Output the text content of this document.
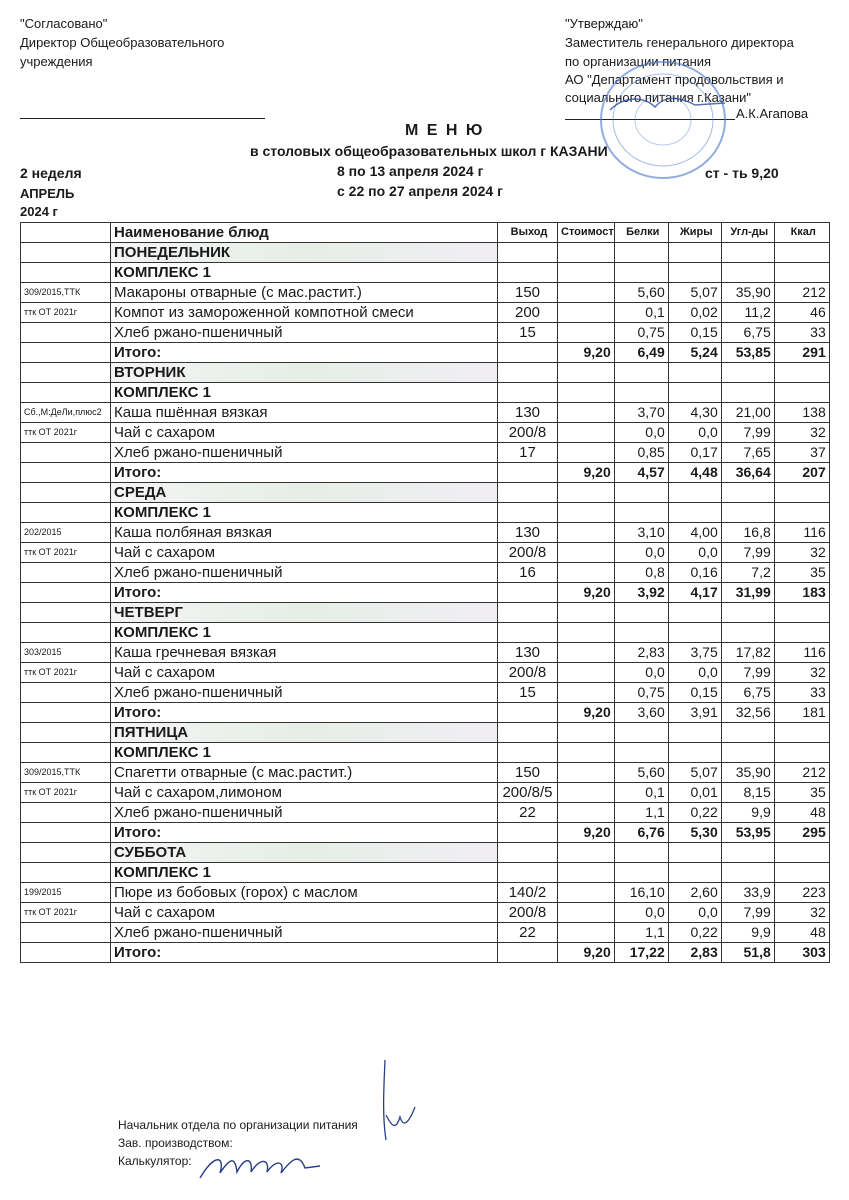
"Согласовано"
Директор Общеобразовательного
учреждения
"Утверждаю"
Заместитель генерального директора
по организации питания
АО "Департамент продовольствия и
социального питания г.Казани"
А.К.Агапова
М Е Н Ю
в столовых общеобразовательных школ г КАЗАНИ
8 по 13 апреля 2024 г
с 22 по 27 апреля 2024 г
2 неделя
АПРЕЛЬ
2024 г
ст - ть 9,20
	Наименование блюд	Выход	Стоимост	Белки	Жиры	Угл-ды	Ккал
	ПОНЕДЕЛЬНИК						
	КОМПЛЕКС 1						
309/2015,ТТК	Макароны отварные (с мас.растит.)	150		5,60	5,07	35,90	212
ттк ОТ 2021г	Компот из замороженной компотной смеси	200		0,1	0,02	11,2	46
	Хлеб ржано-пшеничный	15		0,75	0,15	6,75	33
	Итого:		9,20	6,49	5,24	53,85	291
	ВТОРНИК						
	КОМПЛЕКС 1						
Сб.,М:ДеЛи,плюс2	Каша пшённая вязкая	130		3,70	4,30	21,00	138
ттк ОТ 2021г	Чай с сахаром	200/8		0,0	0,0	7,99	32
	Хлеб ржано-пшеничный	17		0,85	0,17	7,65	37
	Итого:		9,20	4,57	4,48	36,64	207
	СРЕДА						
	КОМПЛЕКС 1						
202/2015	Каша полбяная вязкая	130		3,10	4,00	16,8	116
ттк ОТ 2021г	Чай с сахаром	200/8		0,0	0,0	7,99	32
	Хлеб ржано-пшеничный	16		0,8	0,16	7,2	35
	Итого:		9,20	3,92	4,17	31,99	183
	ЧЕТВЕРГ						
	КОМПЛЕКС 1						
303/2015	Каша гречневая вязкая	130		2,83	3,75	17,82	116
ттк ОТ 2021г	Чай с сахаром	200/8		0,0	0,0	7,99	32
	Хлеб ржано-пшеничный	15		0,75	0,15	6,75	33
	Итого:		9,20	3,60	3,91	32,56	181
	ПЯТНИЦА						
	КОМПЛЕКС 1						
309/2015,ТТК	Спагетти отварные (с мас.растит.)	150		5,60	5,07	35,90	212
ттк ОТ 2021г	Чай с сахаром,лимоном	200/8/5		0,1	0,01	8,15	35
	Хлеб ржано-пшеничный	22		1,1	0,22	9,9	48
	Итого:		9,20	6,76	5,30	53,95	295
	СУББОТА						
	КОМПЛЕКС 1						
199/2015	Пюре из бобовых (горох) с маслом	140/2		16,10	2,60	33,9	223
ттк ОТ 2021г	Чай с сахаром	200/8		0,0	0,0	7,99	32
	Хлеб ржано-пшеничный	22		1,1	0,22	9,9	48
	Итого:		9,20	17,22	2,83	51,8	303
Начальник отдела по организации питания
Зав. производством:
Калькулятор:
